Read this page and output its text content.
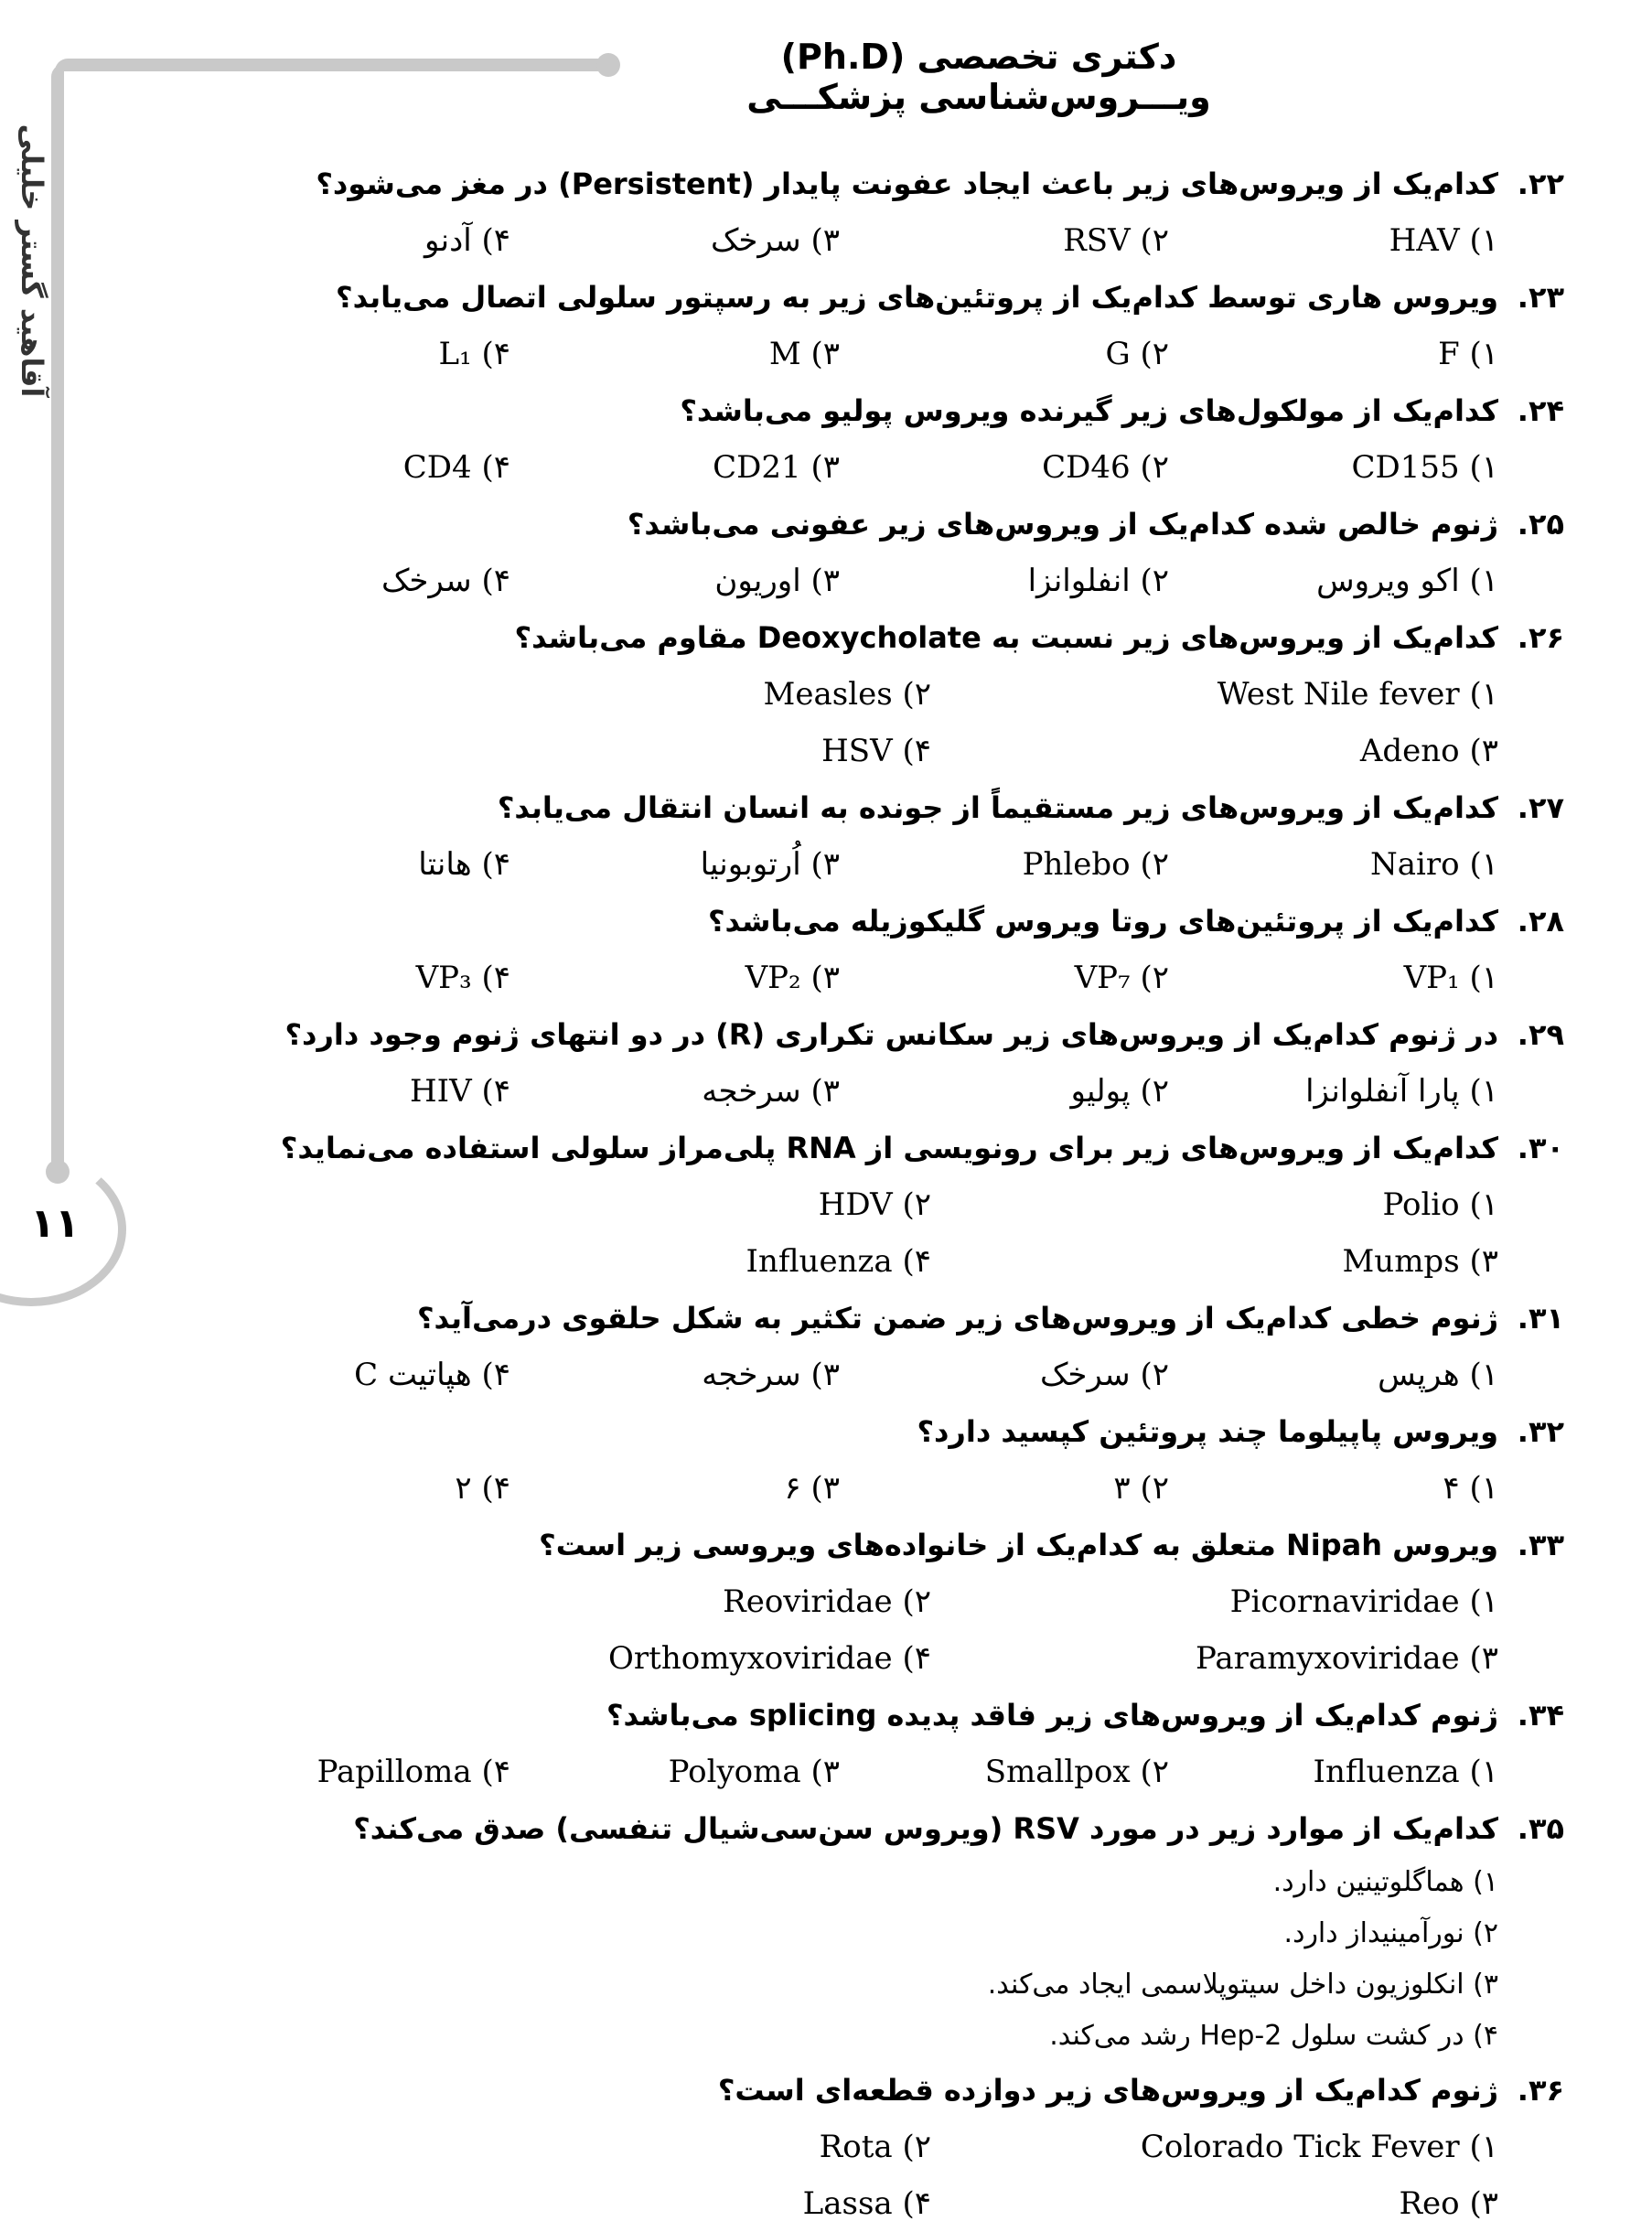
۱۱
آقاهید گستر خلیلی
دکتری تخصصی (Ph.D) ویـــروس‌شناسی پزشکـــی
۲۲.
کدام‌یک از ویروس‌های زیر باعث ایجاد عفونت پایدار (Persistent) در مغز می‌شود؟
۱) HAV
۲) RSV
۳) سرخک
۴) آدنو
۲۳.
ویروس هاری توسط کدام‌یک از پروتئین‌های زیر به رسپتور سلولی اتصال می‌یابد؟
۱) F
۲) G
۳) M
۴) L₁
۲۴.
کدام‌یک از مولکول‌های زیر گیرنده ویروس پولیو می‌باشد؟
۱) CD155
۲) CD46
۳) CD21
۴) CD4
۲۵.
ژنوم خالص شده کدام‌یک از ویروس‌های زیر عفونی می‌باشد؟
۱) اکو ویروس
۲) انفلوانزا
۳) اوریون
۴) سرخک
۲۶.
کدام‌یک از ویروس‌های زیر نسبت به Deoxycholate مقاوم می‌باشد؟
۱) West Nile fever
۲) Measles
۳) Adeno
۴) HSV
۲۷.
کدام‌یک از ویروس‌های زیر مستقیماً از جونده به انسان انتقال می‌یابد؟
۱) Nairo
۲) Phlebo
۳) اُرتوبونیا
۴) هانتا
۲۸.
کدام‌یک از پروتئین‌های روتا ویروس گلیکوزیله می‌باشد؟
۱) VP₁
۲) VP₇
۳) VP₂
۴) VP₃
۲۹.
در ژنوم کدام‌یک از ویروس‌های زیر سکانس تکراری (R) در دو انتهای ژنوم وجود دارد؟
۱) پارا آنفلوانزا
۲) پولیو
۳) سرخجه
۴) HIV
۳۰.
کدام‌یک از ویروس‌های زیر برای رونویسی از RNA پلی‌مراز سلولی استفاده می‌نماید؟
۱) Polio
۲) HDV
۳) Mumps
۴) Influenza
۳۱.
ژنوم خطی کدام‌یک از ویروس‌های زیر ضمن تکثیر به شکل حلقوی درمی‌آید؟
۱) هرپس
۲) سرخک
۳) سرخجه
۴) هپاتیت C
۳۲.
ویروس پاپیلوما چند پروتئین کپسید دارد؟
۱) ۴
۲) ۳
۳) ۶
۴) ۲
۳۳.
ویروس Nipah متعلق به کدام‌یک از خانواده‌های ویروسی زیر است؟
۱) Picornaviridae
۲) Reoviridae
۳) Paramyxoviridae
۴) Orthomyxoviridae
۳۴.
ژنوم کدام‌یک از ویروس‌های زیر فاقد پدیده splicing می‌باشد؟
۱) Influenza
۲) Smallpox
۳) Polyoma
۴) Papilloma
۳۵.
کدام‌یک از موارد زیر در مورد RSV (ویروس سن‌سی‌شیال تنفسی) صدق می‌کند؟
۱) هماگلوتینین دارد.
۲) نورآمینیداز دارد.
۳) انکلوزیون داخل سیتوپلاسمی ایجاد می‌کند.
۴) در کشت سلول Hep-2 رشد می‌کند.
۳۶.
ژنوم کدام‌یک از ویروس‌های زیر دوازده قطعه‌ای است؟
۱) Colorado Tick Fever
۲) Rota
۳) Reo
۴) Lassa
